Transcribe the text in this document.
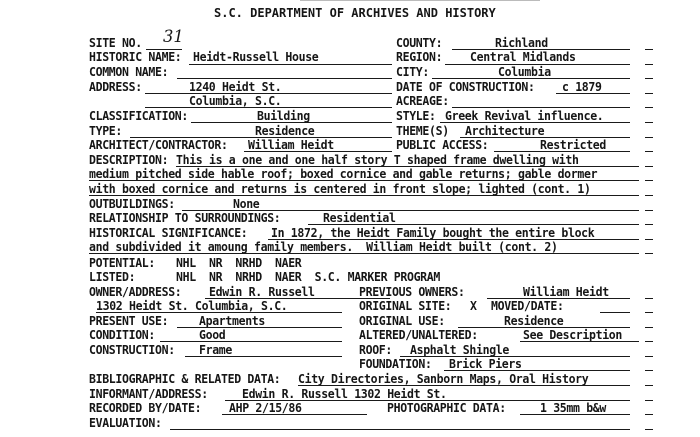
S.C. DEPARTMENT OF ARCHIVES AND HISTORY
SITE NO. 31	COUNTY:	Richland
HISTORIC NAME: Heidt-Russell House	REGION: Central Midlands
COMMON NAME:	CITY:	Columbia
ADDRESS:	1240 Heidt St.	DATE OF CONSTRUCTION: c 1879
Columbia, S.C.	ACREAGE:
CLASSIFICATION:	Building	STYLE: Greek Revival influence.
TYPE:	Residence	THEME(S) Architecture
ARCHITECT/CONTRACTOR: William Heidt	PUBLIC ACCESS:	Restricted
DESCRIPTION: This is a one and one half story T shaped frame dwelling with
medium pitched side hable roof; boxed cornice and gable returns; gable dormer
with boxed cornice and returns is centered in front slope; lighted (cont. 1)
OUTBUILDINGS:	None
RELATIONSHIP TO SURROUNDINGS:	Residential
HISTORICAL SIGNIFICANCE: In 1872, the Heidt Family bought the entire block
and subdivided it amoung family members.  William Heidt built (cont. 2)
POTENTIAL: NHL  NR  NRHD  NAER
LISTED:	NHL  NR  NRHD  NAER  S.C. MARKER PROGRAM
OWNER/ADDRESS: Edwin R. Russell	PREVIOUS OWNERS:	William Heidt
1302 Heidt St. Columbia, S.C.	ORIGINAL SITE: X MOVED/DATE:
PRESENT USE:	Apartments	ORIGINAL USE:	Residence
CONDITION:	Good	ALTERED/UNALTERED:	See Description
CONSTRUCTION: Frame	ROOF: Asphalt Shingle
FOUNDATION: Brick Piers
BIBLIOGRAPHIC & RELATED DATA: City Directories, Sanborn Maps, Oral History
INFORMANT/ADDRESS:	Edwin R. Russell 1302 Heidt St.
RECORDED BY/DATE: AHP 2/15/86	PHOTOGRAPHIC DATA:	1 35mm b&w
EVALUATION:
